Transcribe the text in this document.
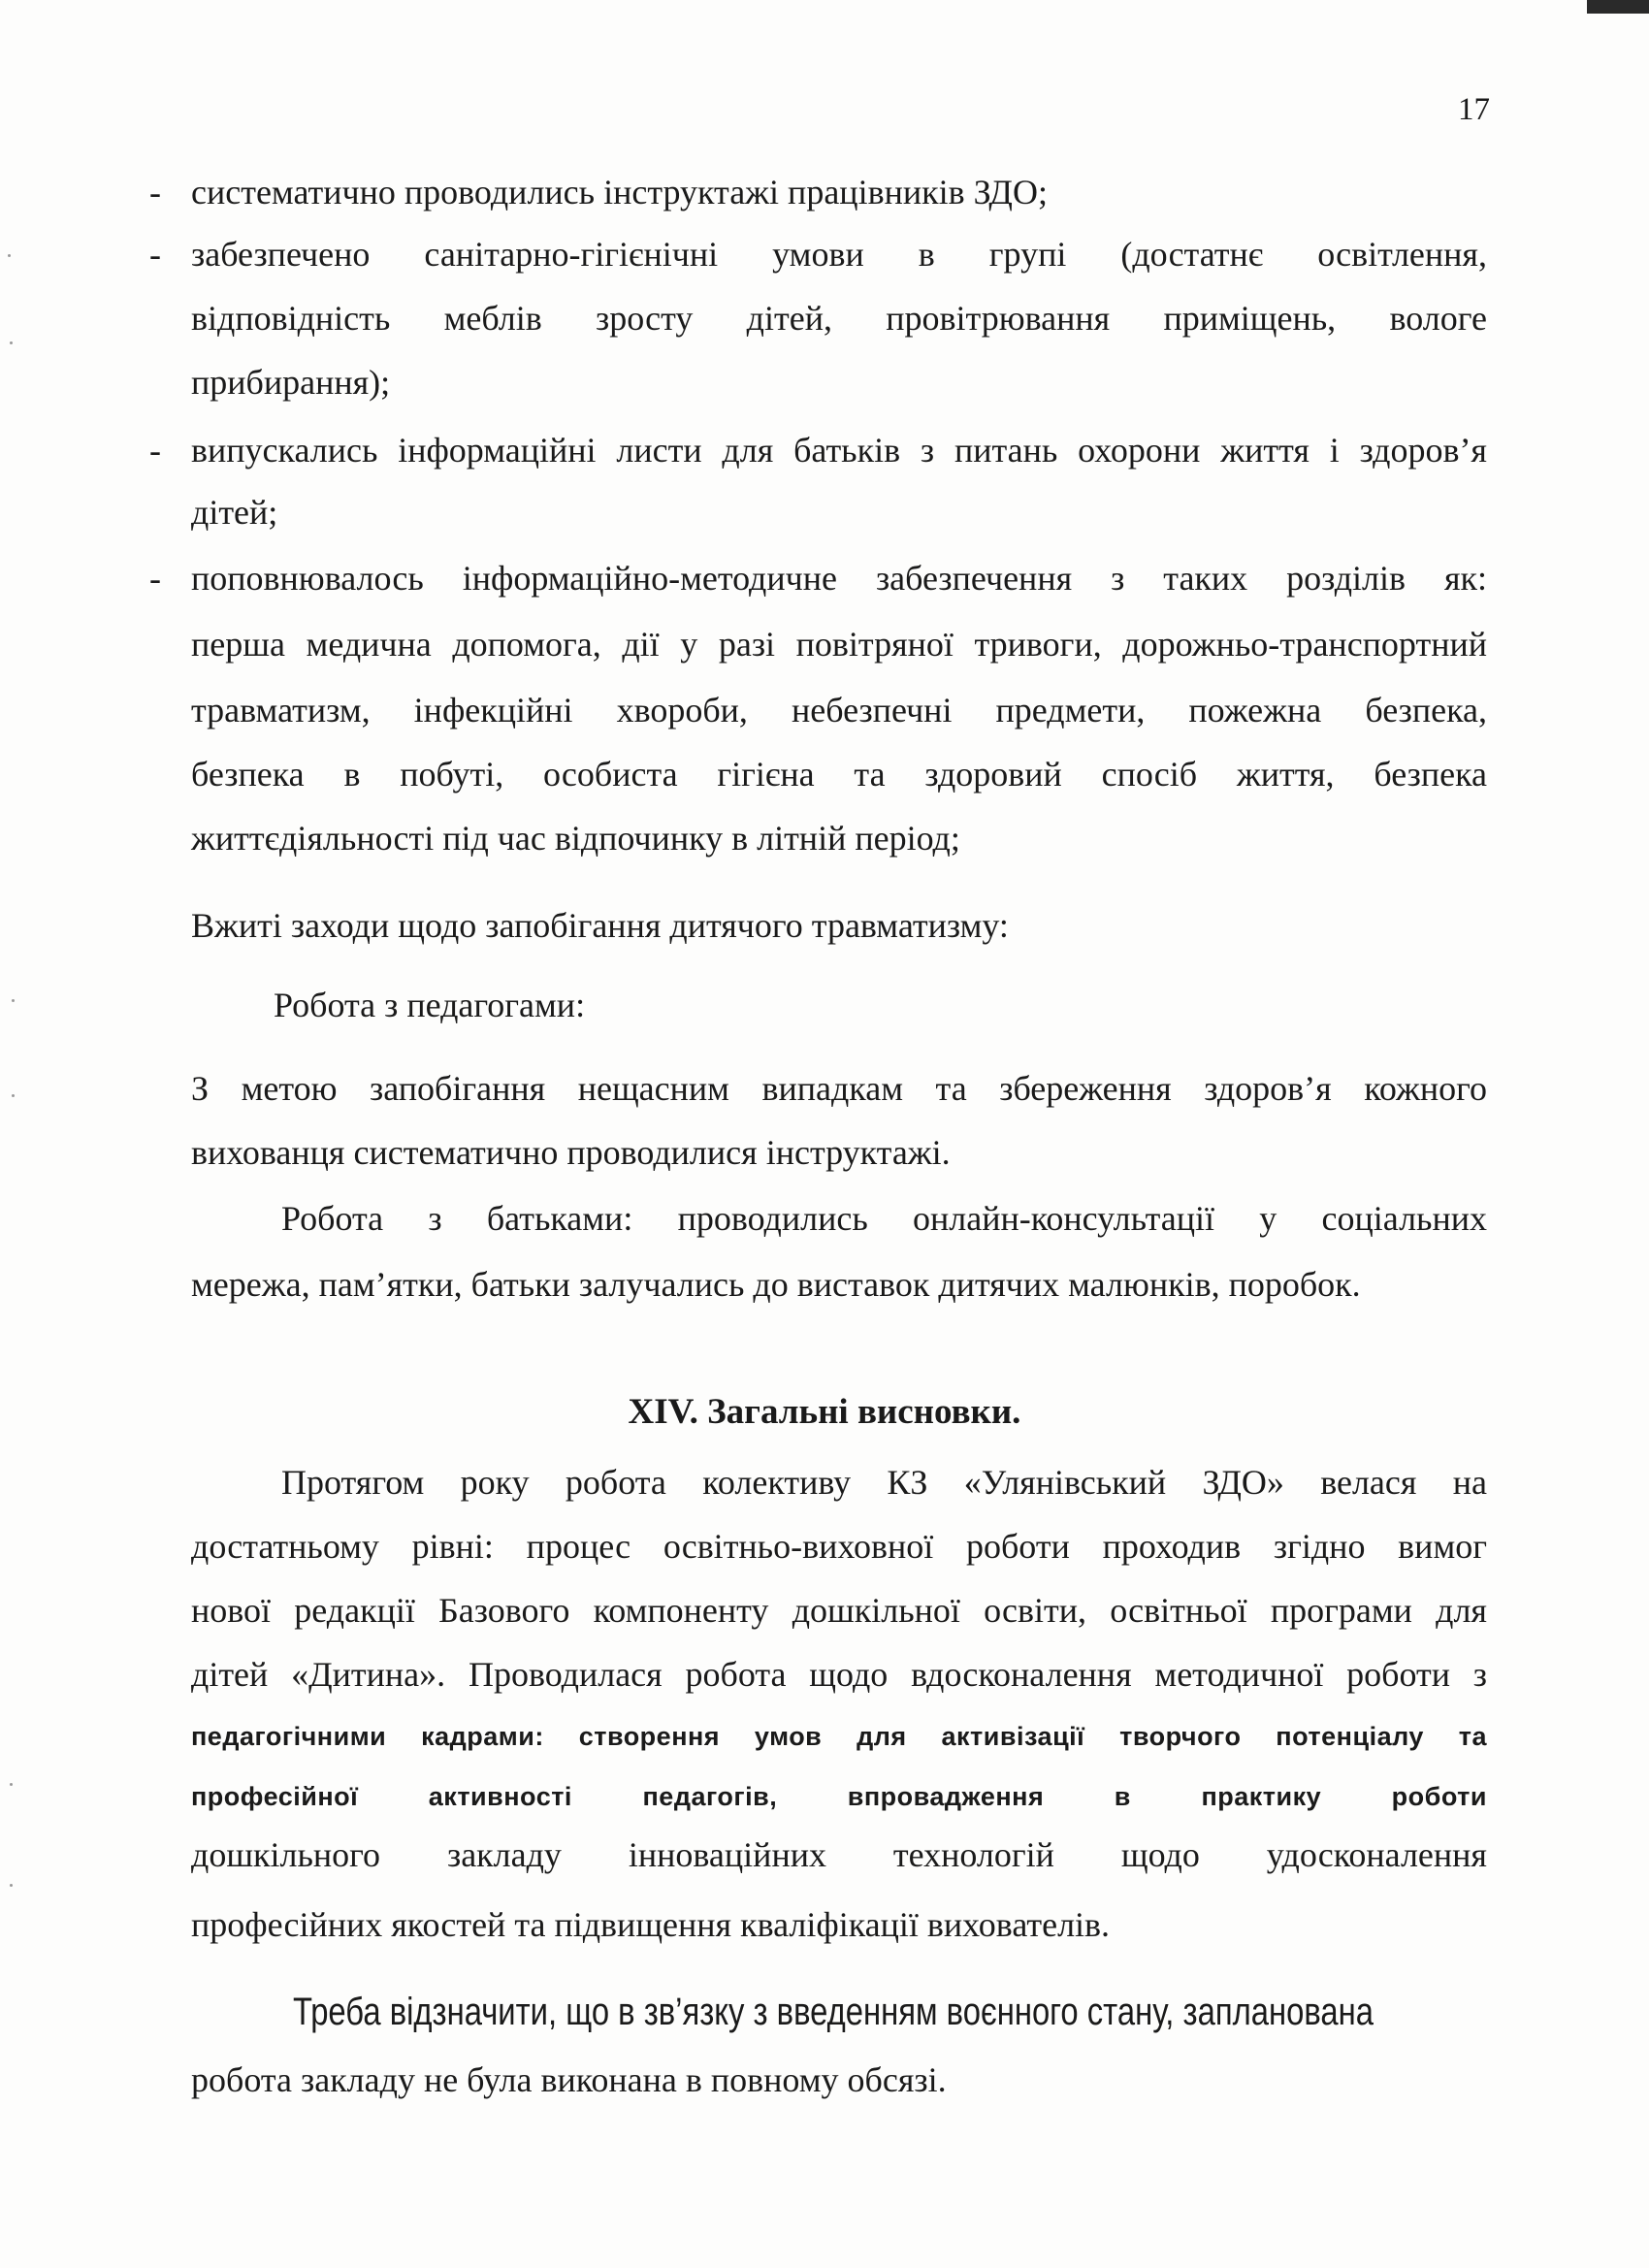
17
- систематично проводились інструктажі працівників ЗДО;
- забезпечено санітарно-гігієнічні умови в групі (достатнє освітлення,
відповідність меблів зросту дітей, провітрювання приміщень, вологе
прибирання);
- випускались інформаційні листи для батьків з питань охорони життя і здоров’я
дітей;
- поповнювалось інформаційно-методичне забезпечення з таких розділів як:
перша медична допомога, дії у разі повітряної тривоги, дорожньо-транспортний
травматизм, інфекційні хвороби, небезпечні предмети, пожежна безпека,
безпека в побуті, особиста гігієна та здоровий спосіб життя, безпека
життєдіяльності під час відпочинку в літній період;
Вжиті заходи щодо запобігання дитячого травматизму:
Робота з педагогами:
З метою запобігання нещасним випадкам та збереження здоров’я кожного
вихованця систематично проводилися інструктажі.
Робота з батьками: проводились онлайн-консультації у соціальних
мережа, пам’ятки, батьки залучались до виставок дитячих малюнків, поробок.
XIV. Загальні висновки.
Протягом року робота колективу КЗ «Улянівський ЗДО» велася на
достатньому рівні: процес освітньо-виховної роботи проходив згідно вимог
нової редакції Базового компоненту дошкільної освіти, освітньої програми для
дітей «Дитина». Проводилася робота щодо вдосконалення методичної роботи з
педагогічними кадрами: створення умов для активізації творчого потенціалу та
професійної активності педагогів, впровадження в практику роботи
дошкільного закладу інноваційних технологій щодо удосконалення
професійних якостей та підвищення кваліфікації вихователів.
Треба відзначити, що в зв’язку з введенням воєнного стану, запланована
робота закладу не була виконана в повному обсязі.
